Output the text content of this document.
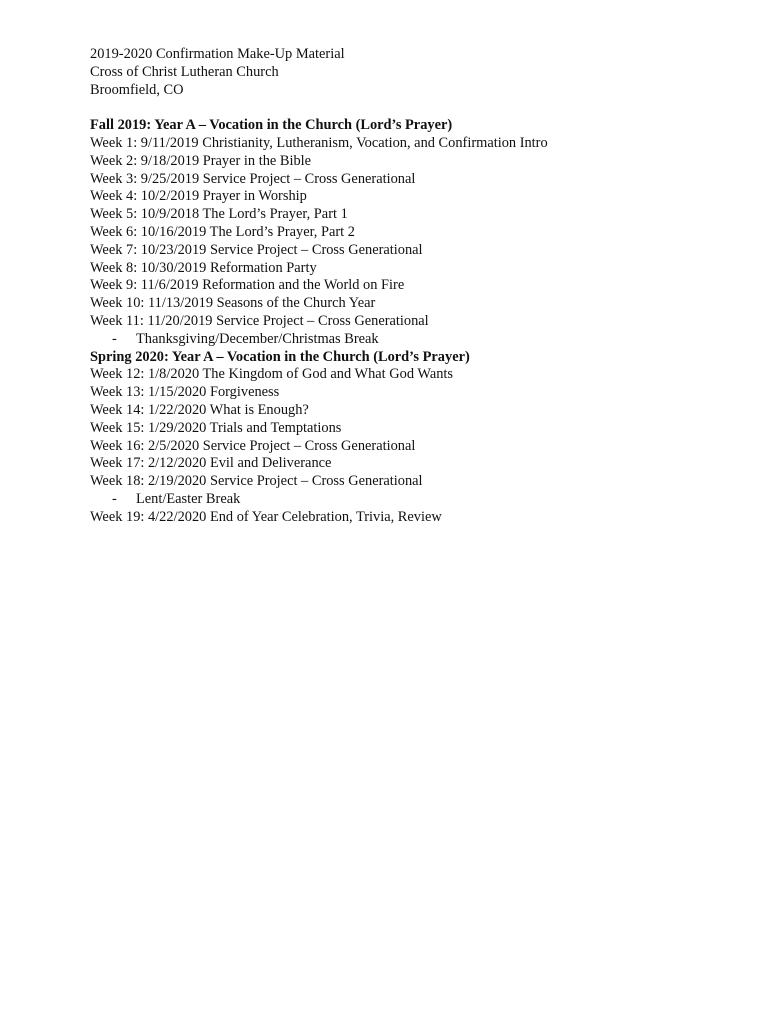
2019-2020 Confirmation Make-Up Material
Cross of Christ Lutheran Church
Broomfield, CO
Fall 2019: Year A – Vocation in the Church (Lord’s Prayer)
Week 1: 9/11/2019 Christianity, Lutheranism, Vocation, and Confirmation Intro
Week 2: 9/18/2019 Prayer in the Bible
Week 3: 9/25/2019 Service Project – Cross Generational
Week 4: 10/2/2019 Prayer in Worship
Week 5: 10/9/2018 The Lord’s Prayer, Part 1
Week 6: 10/16/2019 The Lord’s Prayer, Part 2
Week 7: 10/23/2019 Service Project – Cross Generational
Week 8: 10/30/2019 Reformation Party
Week 9: 11/6/2019 Reformation and the World on Fire
Week 10: 11/13/2019 Seasons of the Church Year
Week 11: 11/20/2019 Service Project – Cross Generational
-	Thanksgiving/December/Christmas Break
Spring 2020: Year A – Vocation in the Church (Lord’s Prayer)
Week 12: 1/8/2020 The Kingdom of God and What God Wants
Week 13: 1/15/2020 Forgiveness
Week 14: 1/22/2020 What is Enough?
Week 15: 1/29/2020 Trials and Temptations
Week 16: 2/5/2020 Service Project – Cross Generational
Week 17: 2/12/2020 Evil and Deliverance
Week 18: 2/19/2020 Service Project – Cross Generational
-	Lent/Easter Break
Week 19: 4/22/2020 End of Year Celebration, Trivia, Review
